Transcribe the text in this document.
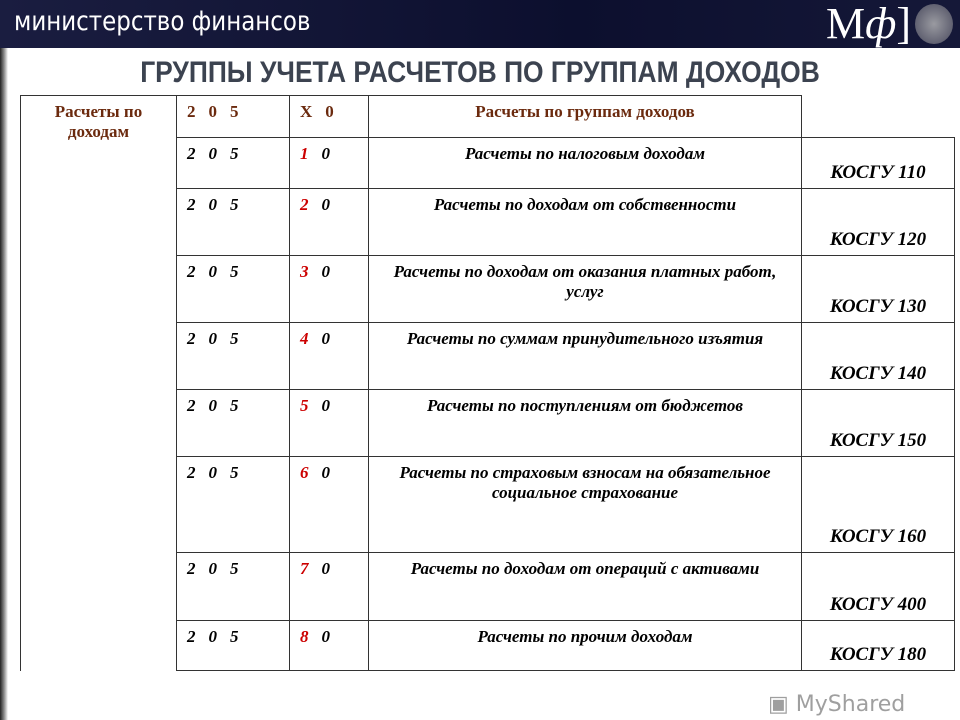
министерство финансов	Мф]
ГРУППЫ УЧЕТА РАСЧЕТОВ ПО ГРУППАМ ДОХОДОВ
Расчеты по доходам	205	X0	Расчеты по группам доходов	
	205	10	Расчеты по налоговым доходам	КОСГУ 110
	205	20	Расчеты по доходам от собственности	КОСГУ 120
	205	30	Расчеты по доходам от оказания платных работ, услуг	КОСГУ 130
	205	40	Расчеты по суммам принудительного изъятия	КОСГУ 140
	205	50	Расчеты по поступлениям от бюджетов	КОСГУ 150
	205	60	Расчеты по страховым взносам на обязательное социальное страхование	КОСГУ 160
	205	70	Расчеты по доходам от операций с активами	КОСГУ 400
	205	80	Расчеты по прочим доходам	КОСГУ 180
▣ MyShared
